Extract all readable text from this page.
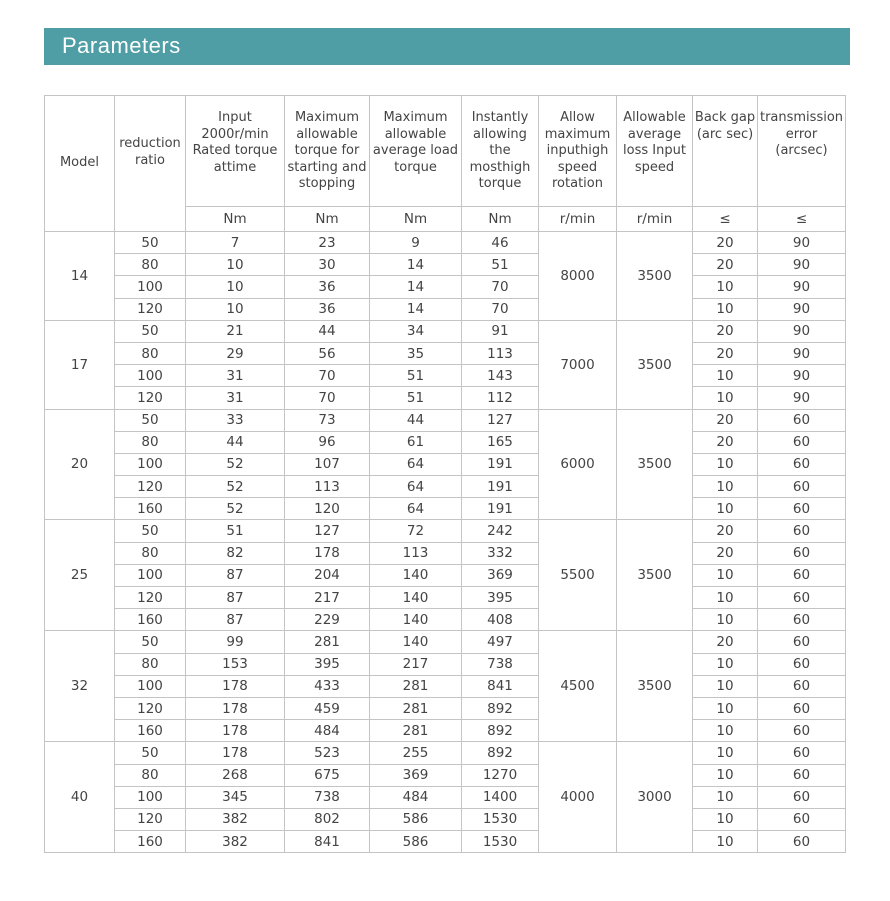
Parameters
Model	reduction ratio	Input 2000r/min Rated torque attime	Maximum allowable torque for starting and stopping	Maximum allowable average load torque	Instantly allowing the mosthigh torque	Allow maximum inputhigh speed rotation	Allowable average loss Input speed	Back gap (arc sec)	transmission error (arcsec)
		Nm	Nm	Nm	Nm	r/min	r/min	≤	≤
14	50	7	23	9	46	8000	3500	20	90
	80	10	30	14	51			20	90
	100	10	36	14	70			10	90
	120	10	36	14	70			10	90
17	50	21	44	34	91	7000	3500	20	90
	80	29	56	35	113			20	90
	100	31	70	51	143			10	90
	120	31	70	51	112			10	90
20	50	33	73	44	127	6000	3500	20	60
	80	44	96	61	165			20	60
	100	52	107	64	191			10	60
	120	52	113	64	191			10	60
	160	52	120	64	191			10	60
25	50	51	127	72	242	5500	3500	20	60
	80	82	178	113	332			20	60
	100	87	204	140	369			10	60
	120	87	217	140	395			10	60
	160	87	229	140	408			10	60
32	50	99	281	140	497	4500	3500	20	60
	80	153	395	217	738			10	60
	100	178	433	281	841			10	60
	120	178	459	281	892			10	60
	160	178	484	281	892			10	60
40	50	178	523	255	892	4000	3000	10	60
	80	268	675	369	1270			10	60
	100	345	738	484	1400			10	60
	120	382	802	586	1530			10	60
	160	382	841	586	1530			10	60
